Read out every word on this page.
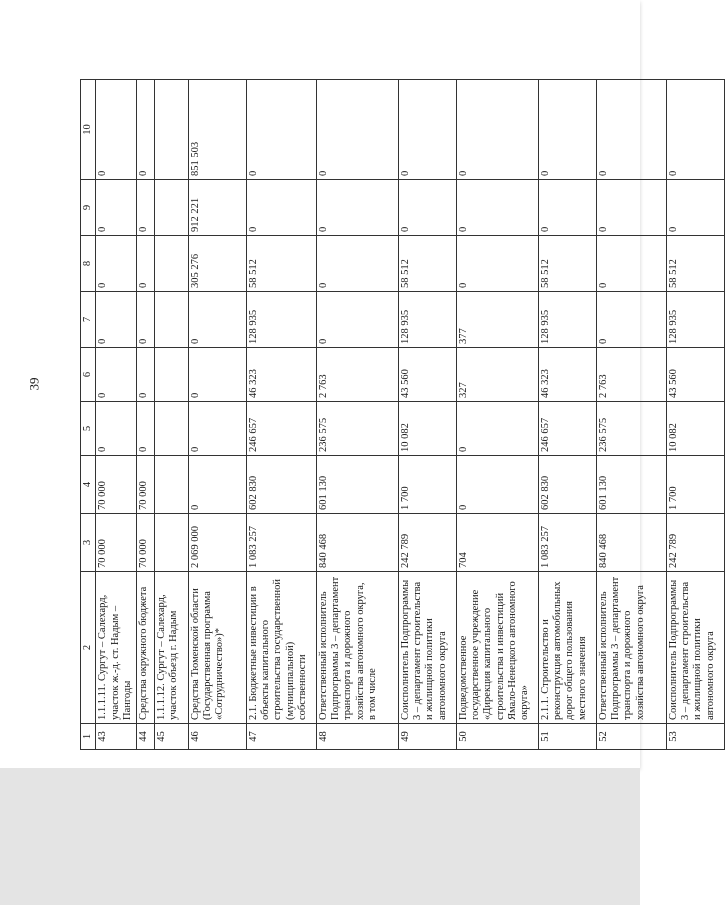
39
1	2	3	4	5	6	7	8	9	10
43	1.1.1.11. Сургут – Салехард, участок ж.-д. ст. Надым – Пангоды	70 000	70 000	0	0	0	0	0	0
44	Средства окружного бюджета	70 000	70 000	0	0	0	0	0	0
45	1.1.1.12. Сургут – Салехард, участок объезд г. Надым								
46	Средства Тюменской области (Государственная программа «Сотрудничество»)*	2 069 000	0	0	0	0	305 276	912 221	851 503
47	2.1. Бюджетные инвестиции в объекты капитального строительства государственной (муниципальной) собственности	1 083 257	602 830	246 657	46 323	128 935	58 512	0	0
48	Ответственный исполнитель Подпрограммы 3 – департамент транспорта и дорожного хозяйства автономного округа, в том числе	840 468	601 130	236 575	2 763	0	0	0	0
49	Соисполнитель Подпрограммы 3 – департамент строительства и жилищной политики автономного округа	242 789	1 700	10 082	43 560	128 935	58 512	0	0
50	Подведомственное государственное учреждение «Дирекция капитального строительства и инвестиций Ямало-Ненецкого автономного округа»	704	0	0	327	377	0	0	0
51	2.1.1. Строительство и реконструкция автомобильных дорог общего пользования местного значения	1 083 257	602 830	246 657	46 323	128 935	58 512	0	0
52	Ответственный исполнитель Подпрограммы 3 – департамент транспорта и дорожного хозяйства автономного округа	840 468	601 130	236 575	2 763	0	0	0	0
53	Соисполнитель Подпрограммы 3 – департамент строительства и жилищной политики автономного округа	242 789	1 700	10 082	43 560	128 935	58 512	0	0
